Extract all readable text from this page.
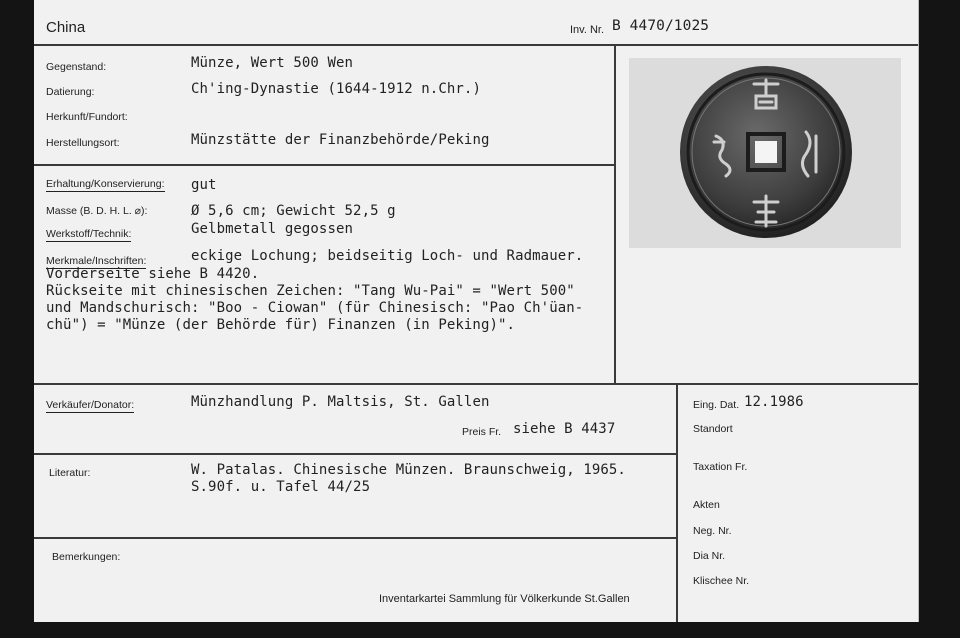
China	Inv. Nr. B 4470/1025
Gegenstand:	Münze, Wert 500 Wen
Datierung:	Ch'ing-Dynastie (1644-1912 n.Chr.)
Herkunft/Fundort:
Herstellungsort:	Münzstätte der Finanzbehörde/Peking
Erhaltung/Konservierung: gut
Masse (B. D. H. L. ⌀):	Ø 5,6 cm; Gewicht 52,5 g
Werkstoff/Technik:	Gelbmetall gegossen
Merkmale/Inschriften:	eckige Lochung; beidseitig Loch- und Radmauer.
Vorderseite siehe B 4420.
Rückseite mit chinesischen Zeichen: "Tang Wu-Pai" = "Wert 500"
und Mandschurisch: "Boo - Ciowan" (für Chinesisch: "Pao Ch'üan-
chü") = "Münze (der Behörde für) Finanzen (in Peking)".
Verkäufer/Donator:	Münzhandlung P. Maltsis, St. Gallen
Preis Fr. siehe B 4437
Literatur:	W. Patalas. Chinesische Münzen. Braunschweig, 1965.
S.90f. u. Tafel 44/25
Bemerkungen:
Eing. Dat. 12.1986
Standort
Taxation Fr.
Akten
Neg. Nr.
Dia Nr.
Klischee Nr.
Inventarkartei Sammlung für Völkerkunde St.Gallen
